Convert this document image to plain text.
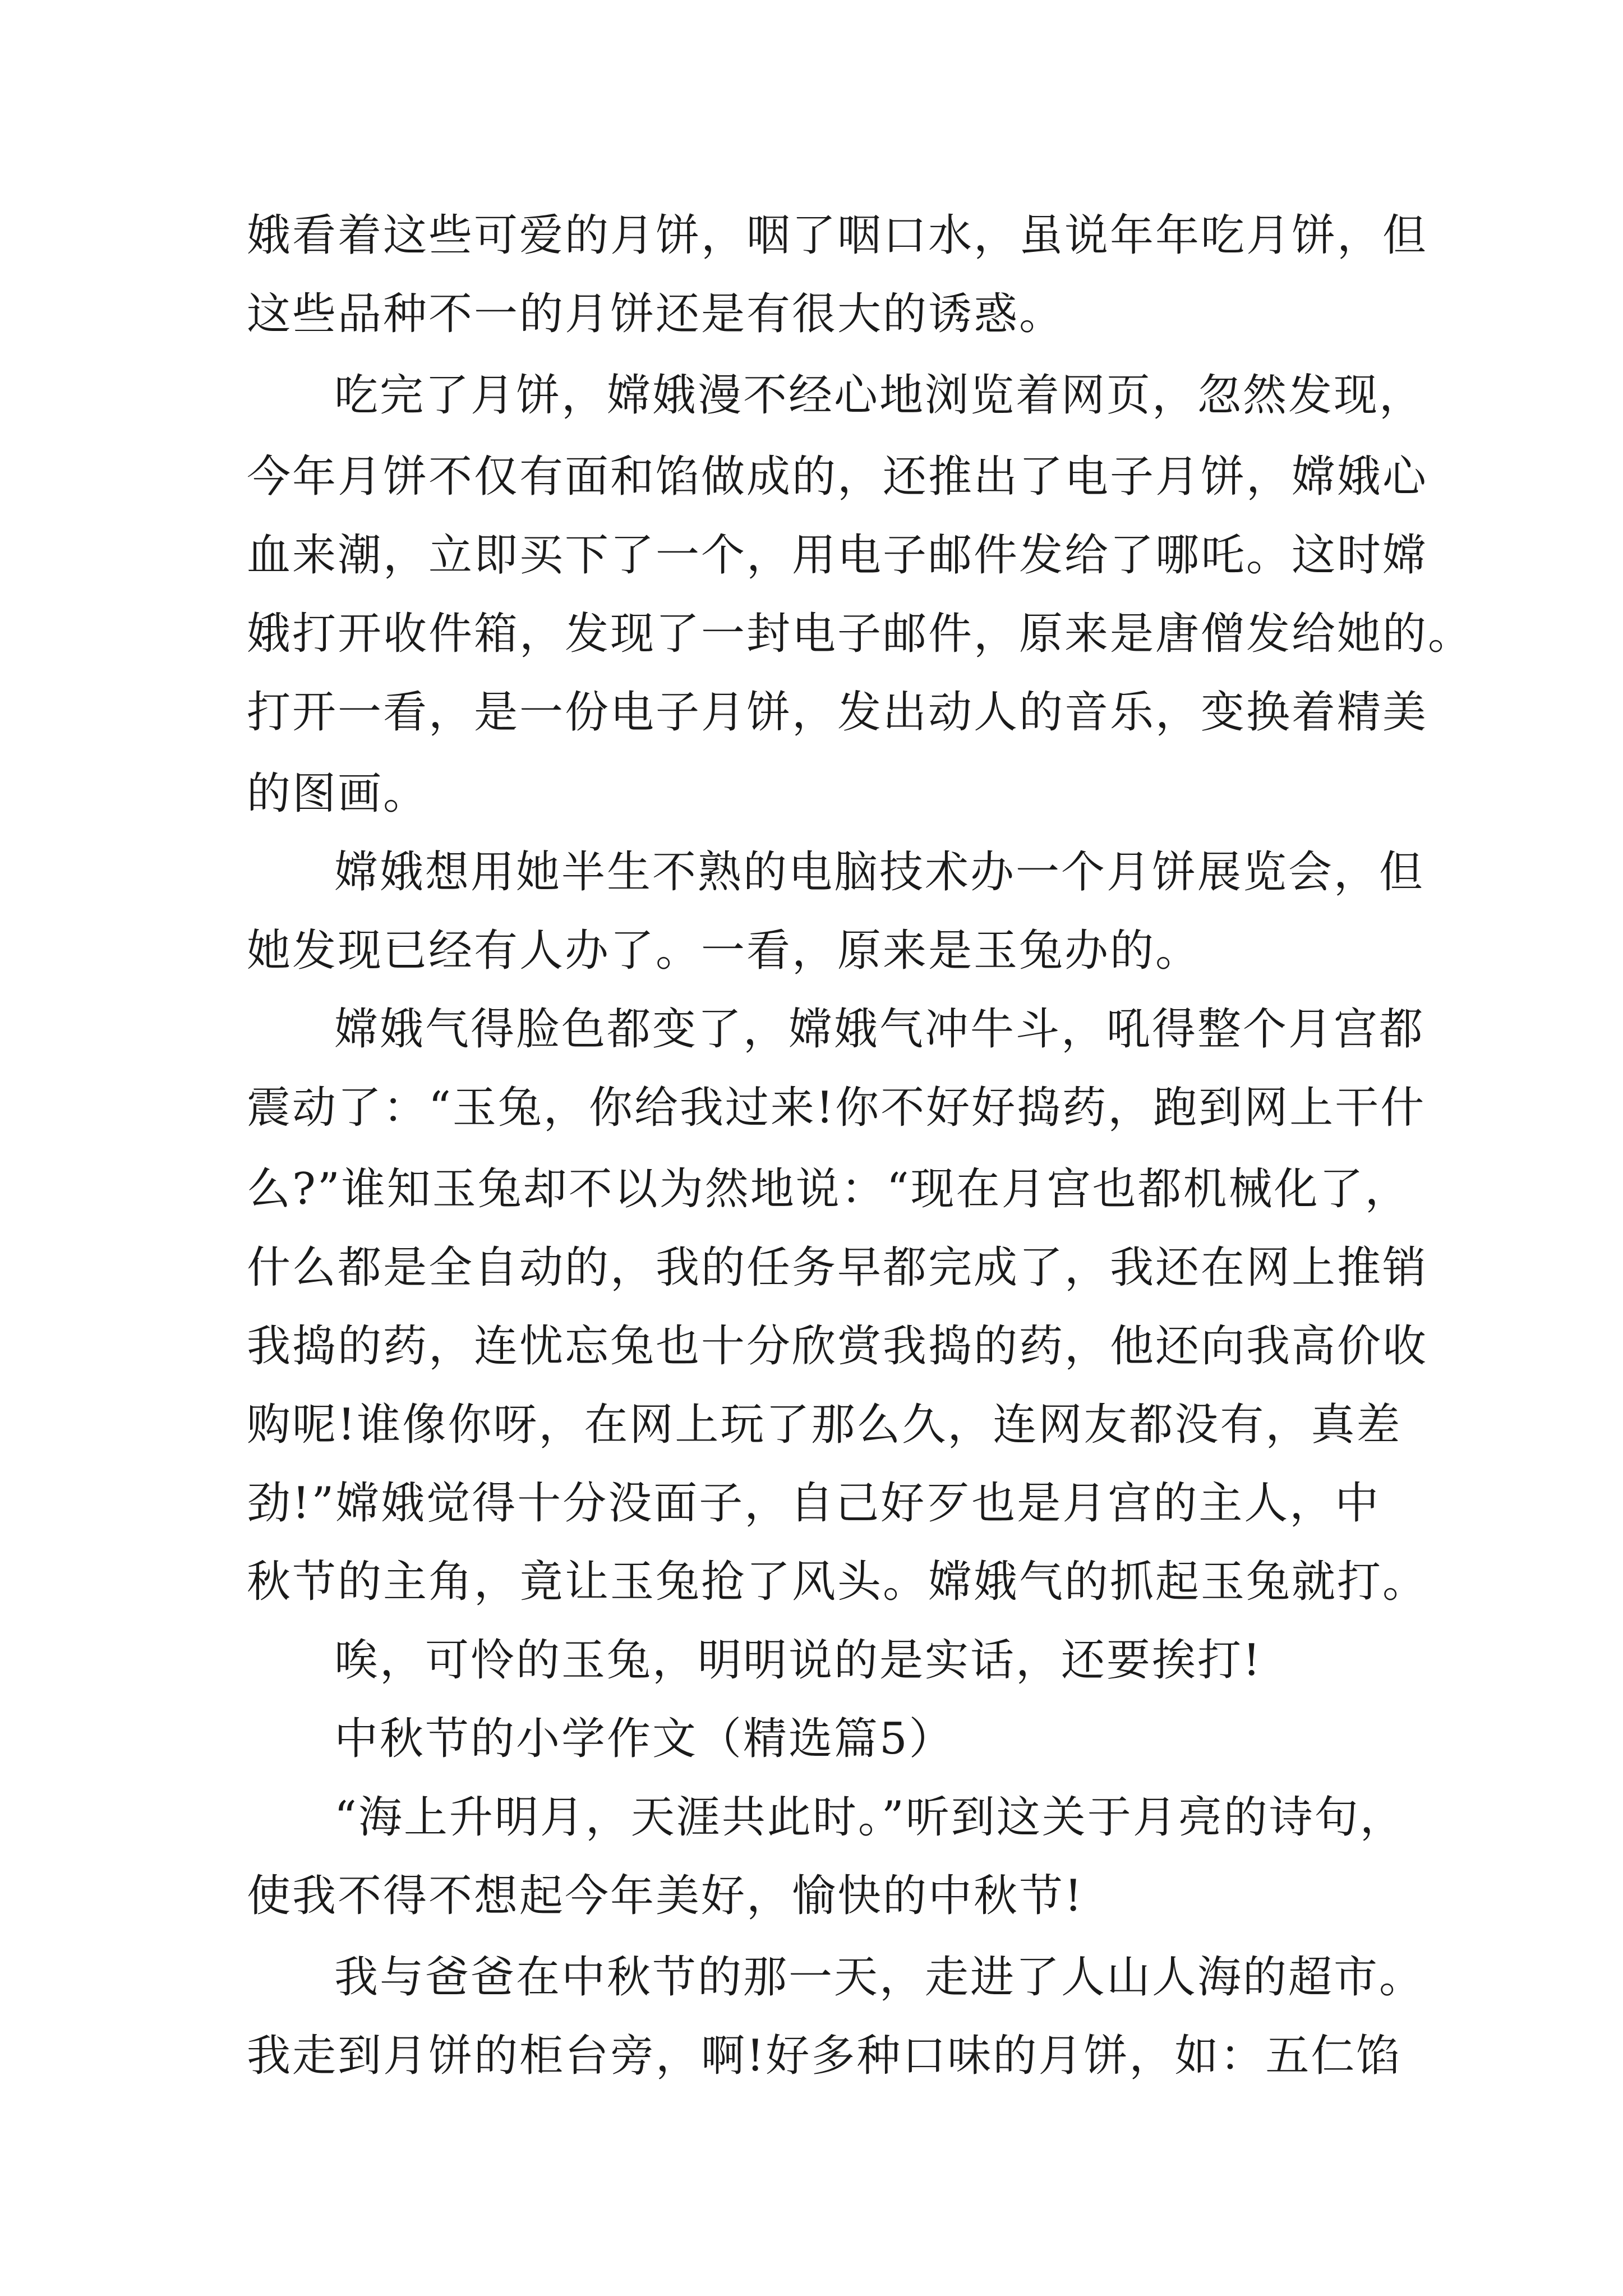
娥看着这些可爱的月饼，咽了咽口水，虽说年年吃月饼，但
这些品种不一的月饼还是有很大的诱惑。
吃完了月饼，嫦娥漫不经心地浏览着网页，忽然发现，
今年月饼不仅有面和馅做成的，还推出了电子月饼，嫦娥心
血来潮，立即买下了一个，用电子邮件发给了哪吒。这时嫦
娥打开收件箱，发现了一封电子邮件，原来是唐僧发给她的。
打开一看，是一份电子月饼，发出动人的音乐，变换着精美
的图画。
嫦娥想用她半生不熟的电脑技术办一个月饼展览会，但
她发现已经有人办了。一看，原来是玉兔办的。
嫦娥气得脸色都变了，嫦娥气冲牛斗，吼得整个月宫都
震动了：“玉兔，你给我过来!你不好好捣药，跑到网上干什
么?”谁知玉兔却不以为然地说：“现在月宫也都机械化了，
什么都是全自动的，我的任务早都完成了，我还在网上推销
我捣的药，连忧忘兔也十分欣赏我捣的药，他还向我高价收
购呢!谁像你呀，在网上玩了那么久，连网友都没有，真差
劲!”嫦娥觉得十分没面子，自己好歹也是月宫的主人，中
秋节的主角，竟让玉兔抢了风头。嫦娥气的抓起玉兔就打。
唉，可怜的玉兔，明明说的是实话，还要挨打!
中秋节的小学作文（精选篇5）
“海上升明月，天涯共此时。”听到这关于月亮的诗句，
使我不得不想起今年美好，愉快的中秋节!
我与爸爸在中秋节的那一天，走进了人山人海的超市。
我走到月饼的柜台旁，啊!好多种口味的月饼，如：五仁馅
